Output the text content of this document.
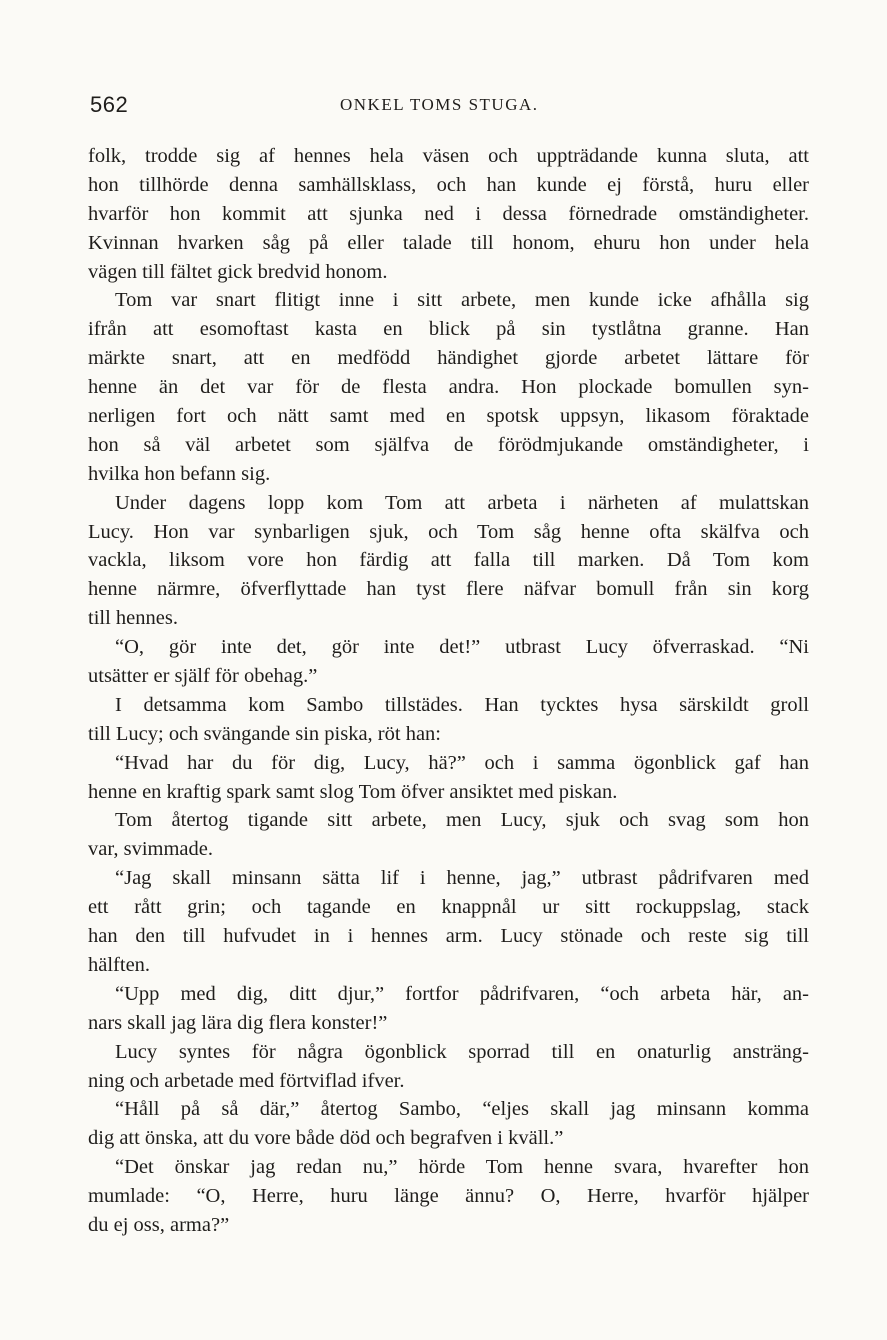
562	ONKEL TOMS STUGA.
folk, trodde sig af hennes hela väsen och uppträdande kunna sluta, att
hon tillhörde denna samhällsklass, och han kunde ej förstå, huru eller
hvarför hon kommit att sjunka ned i dessa förnedrade omständigheter.
Kvinnan hvarken såg på eller talade till honom, ehuru hon under hela
vägen till fältet gick bredvid honom.
Tom var snart flitigt inne i sitt arbete, men kunde icke afhålla sig
ifrån att esomoftast kasta en blick på sin tystlåtna granne. Han
märkte snart, att en medfödd händighet gjorde arbetet lättare för
henne än det var för de flesta andra. Hon plockade bomullen syn-
nerligen fort och nätt samt med en spotsk uppsyn, likasom föraktade
hon så väl arbetet som själfva de förödmjukande omständigheter, i
hvilka hon befann sig.
Under dagens lopp kom Tom att arbeta i närheten af mulattskan
Lucy. Hon var synbarligen sjuk, och Tom såg henne ofta skälfva och
vackla, liksom vore hon färdig att falla till marken. Då Tom kom
henne närmre, öfverflyttade han tyst flere näfvar bomull från sin korg
till hennes.
“O, gör inte det, gör inte det!” utbrast Lucy öfverraskad. “Ni
utsätter er själf för obehag.”
I detsamma kom Sambo tillstädes. Han tycktes hysa särskildt groll
till Lucy; och svängande sin piska, röt han:
“Hvad har du för dig, Lucy, hä?” och i samma ögonblick gaf han
henne en kraftig spark samt slog Tom öfver ansiktet med piskan.
Tom återtog tigande sitt arbete, men Lucy, sjuk och svag som hon
var, svimmade.
“Jag skall minsann sätta lif i henne, jag,” utbrast pådrifvaren med
ett rått grin; och tagande en knappnål ur sitt rockuppslag, stack
han den till hufvudet in i hennes arm. Lucy stönade och reste sig till
hälften.
“Upp med dig, ditt djur,” fortfor pådrifvaren, “och arbeta här, an-
nars skall jag lära dig flera konster!”
Lucy syntes för några ögonblick sporrad till en onaturlig ansträng-
ning och arbetade med förtviflad ifver.
“Håll på så där,” återtog Sambo, “eljes skall jag minsann komma
dig att önska, att du vore både död och begrafven i kväll.”
“Det önskar jag redan nu,” hörde Tom henne svara, hvarefter hon
mumlade: “O, Herre, huru länge ännu? O, Herre, hvarför hjälper
du ej oss, arma?”
